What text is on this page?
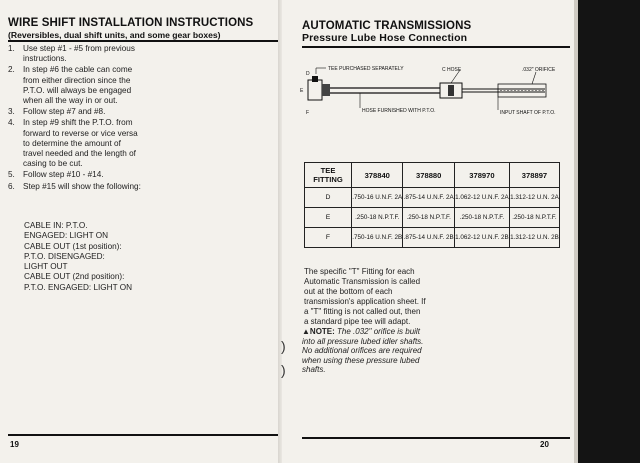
WIRE SHIFT INSTALLATION INSTRUCTIONS
(Reversibles, dual shift units, and some gear boxes)
1. Use step #1 - #5 from previous instructions.
2. In step #6 the cable can come from either direction since the P.T.O. will always be engaged when all the way in or out.
3. Follow step #7 and #8.
4. In step #9 shift the P.T.O. from forward to reverse or vice versa to determine the amount of travel needed and the length of casing to be cut.
5. Follow step #10 - #14.
6. Step #15 will show the following:
CABLE IN: P.T.O.
ENGAGED: LIGHT ON
CABLE OUT (1st position):
P.T.O. DISENGAGED:
LIGHT OUT
CABLE OUT (2nd position):
P.T.O. ENGAGED: LIGHT ON
19
AUTOMATIC TRANSMISSIONS
Pressure Lube Hose Connection
D
E
F
TEE PURCHASED SEPARATELY	C HOSE	.032" ORIFICE
HOSE FURNISHED WITH P.T.O.	INPUT SHAFT OF P.T.O.
TEE
FITTING	378840	378880	378970	378897
D	.750-16 U.N.F. 2A	.875-14 U.N.F. 2A	1.062-12 U.N.F. 2A	1.312-12 U.N. 2A
E	.250-18 N.P.T.F.	.250-18 N.P.T.F.	.250-18 N.P.T.F.	.250-18 N.P.T.F.
F	.750-16 U.N.F. 2B	.875-14 U.N.F. 2B	1.062-12 U.N.F. 2B	1.312-12 U.N. 2B
The specific "T" Fitting for each Automatic Transmission is called out at the bottom of each transmission's application sheet. If a "T" fitting is not called out, then a standard pipe tee will adapt.
▲NOTE: The .032" orifice is built into all pressure lubed idler shafts. No additional orifices are required when using these pressure lubed shafts.
)
)
20
